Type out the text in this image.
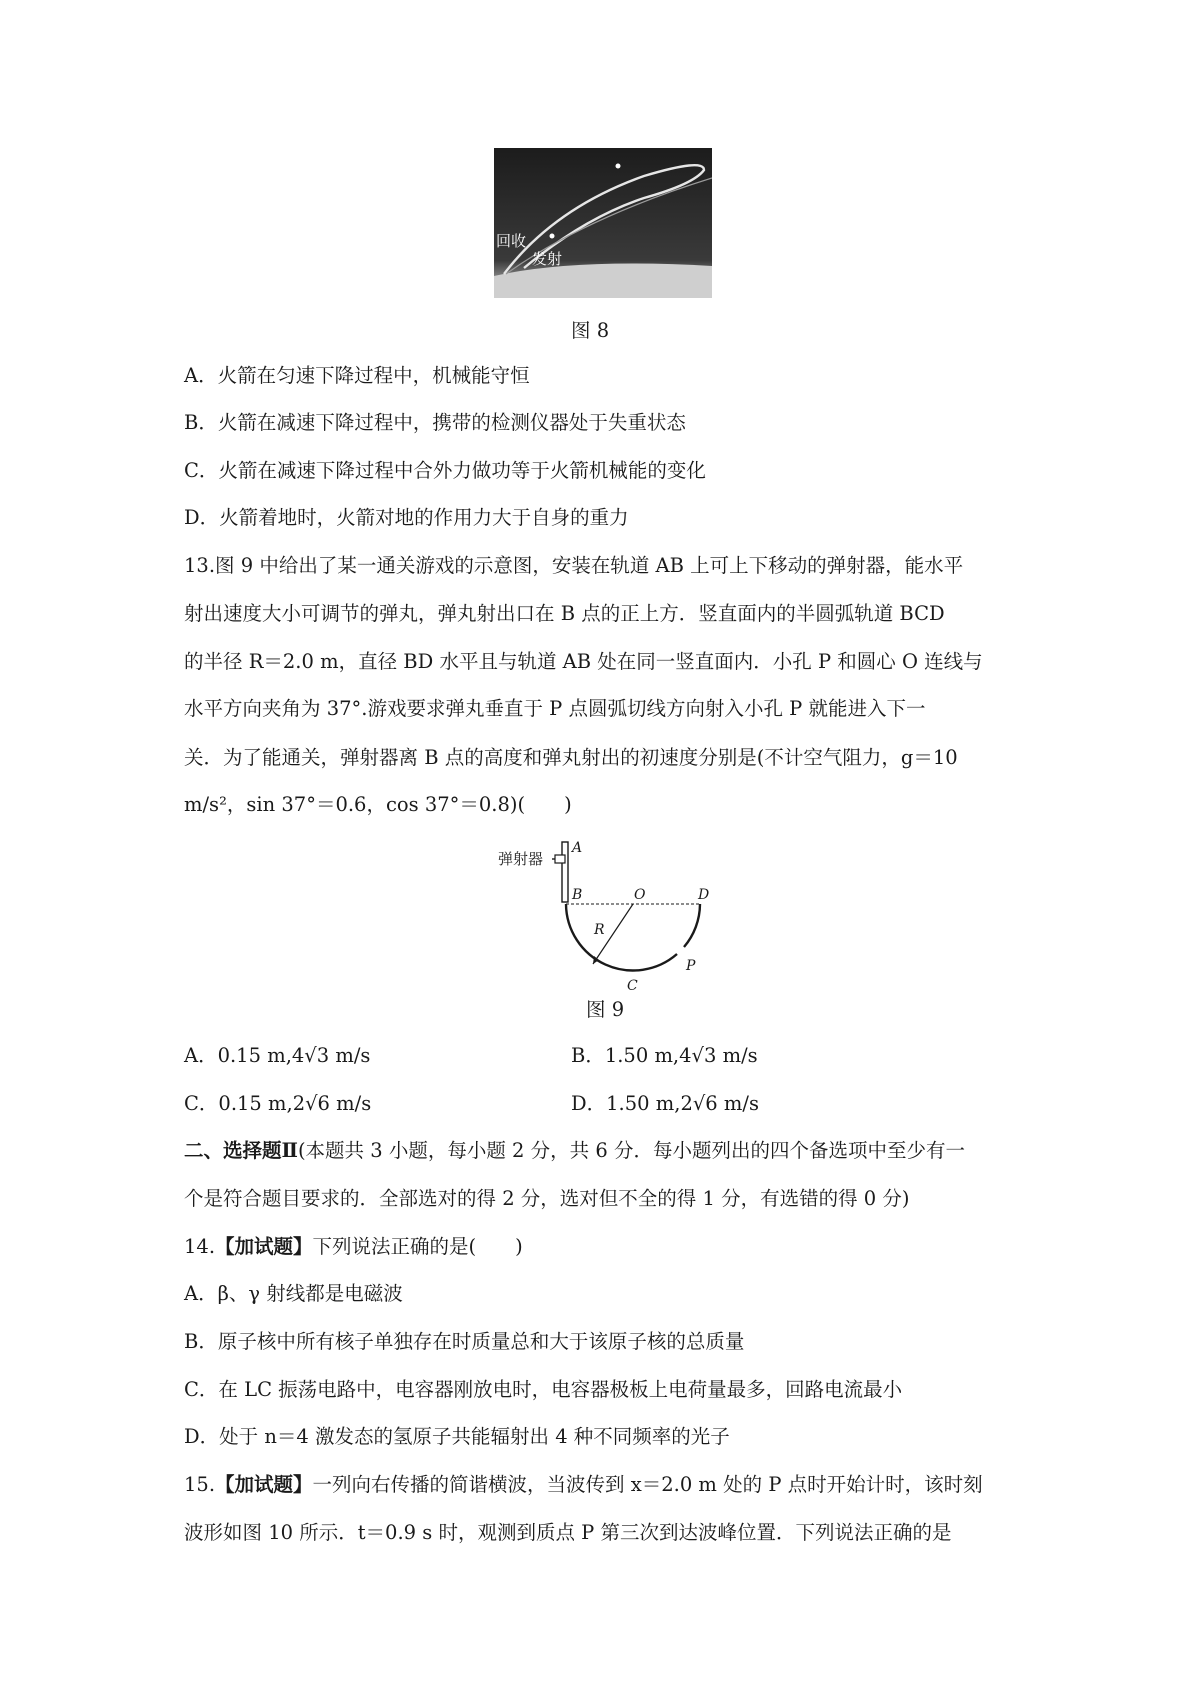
回收
发射
图 8
A．火箭在匀速下降过程中，机械能守恒
B．火箭在减速下降过程中，携带的检测仪器处于失重状态
C．火箭在减速下降过程中合外力做功等于火箭机械能的变化
D．火箭着地时，火箭对地的作用力大于自身的重力
13.图 9 中给出了某一通关游戏的示意图，安装在轨道 AB 上可上下移动的弹射器，能水平
射出速度大小可调节的弹丸，弹丸射出口在 B 点的正上方．竖直面内的半圆弧轨道 BCD
的半径 R＝2.0 m，直径 BD 水平且与轨道 AB 处在同一竖直面内．小孔 P 和圆心 O 连线与
水平方向夹角为 37°.游戏要求弹丸垂直于 P 点圆弧切线方向射入小孔 P 就能进入下一
关．为了能通关，弹射器离 B 点的高度和弹丸射出的初速度分别是(不计空气阻力，g＝10
m/s²，sin 37°＝0.6，cos 37°＝0.8)(　　)
弹射器
A
B	O	D
R
C
P
图 9
A．0.15 m,4√3 m/s	B．1.50 m,4√3 m/s
C．0.15 m,2√6 m/s	D．1.50 m,2√6 m/s
二、选择题Ⅱ(本题共 3 小题，每小题 2 分，共 6 分．每小题列出的四个备选项中至少有一
个是符合题目要求的．全部选对的得 2 分，选对但不全的得 1 分，有选错的得 0 分)
14.【加试题】下列说法正确的是(　　)
A．β、γ 射线都是电磁波
B．原子核中所有核子单独存在时质量总和大于该原子核的总质量
C．在 LC 振荡电路中，电容器刚放电时，电容器极板上电荷量最多，回路电流最小
D．处于 n＝4 激发态的氢原子共能辐射出 4 种不同频率的光子
15.【加试题】一列向右传播的简谐横波，当波传到 x＝2.0 m 处的 P 点时开始计时，该时刻
波形如图 10 所示．t＝0.9 s 时，观测到质点 P 第三次到达波峰位置．下列说法正确的是
